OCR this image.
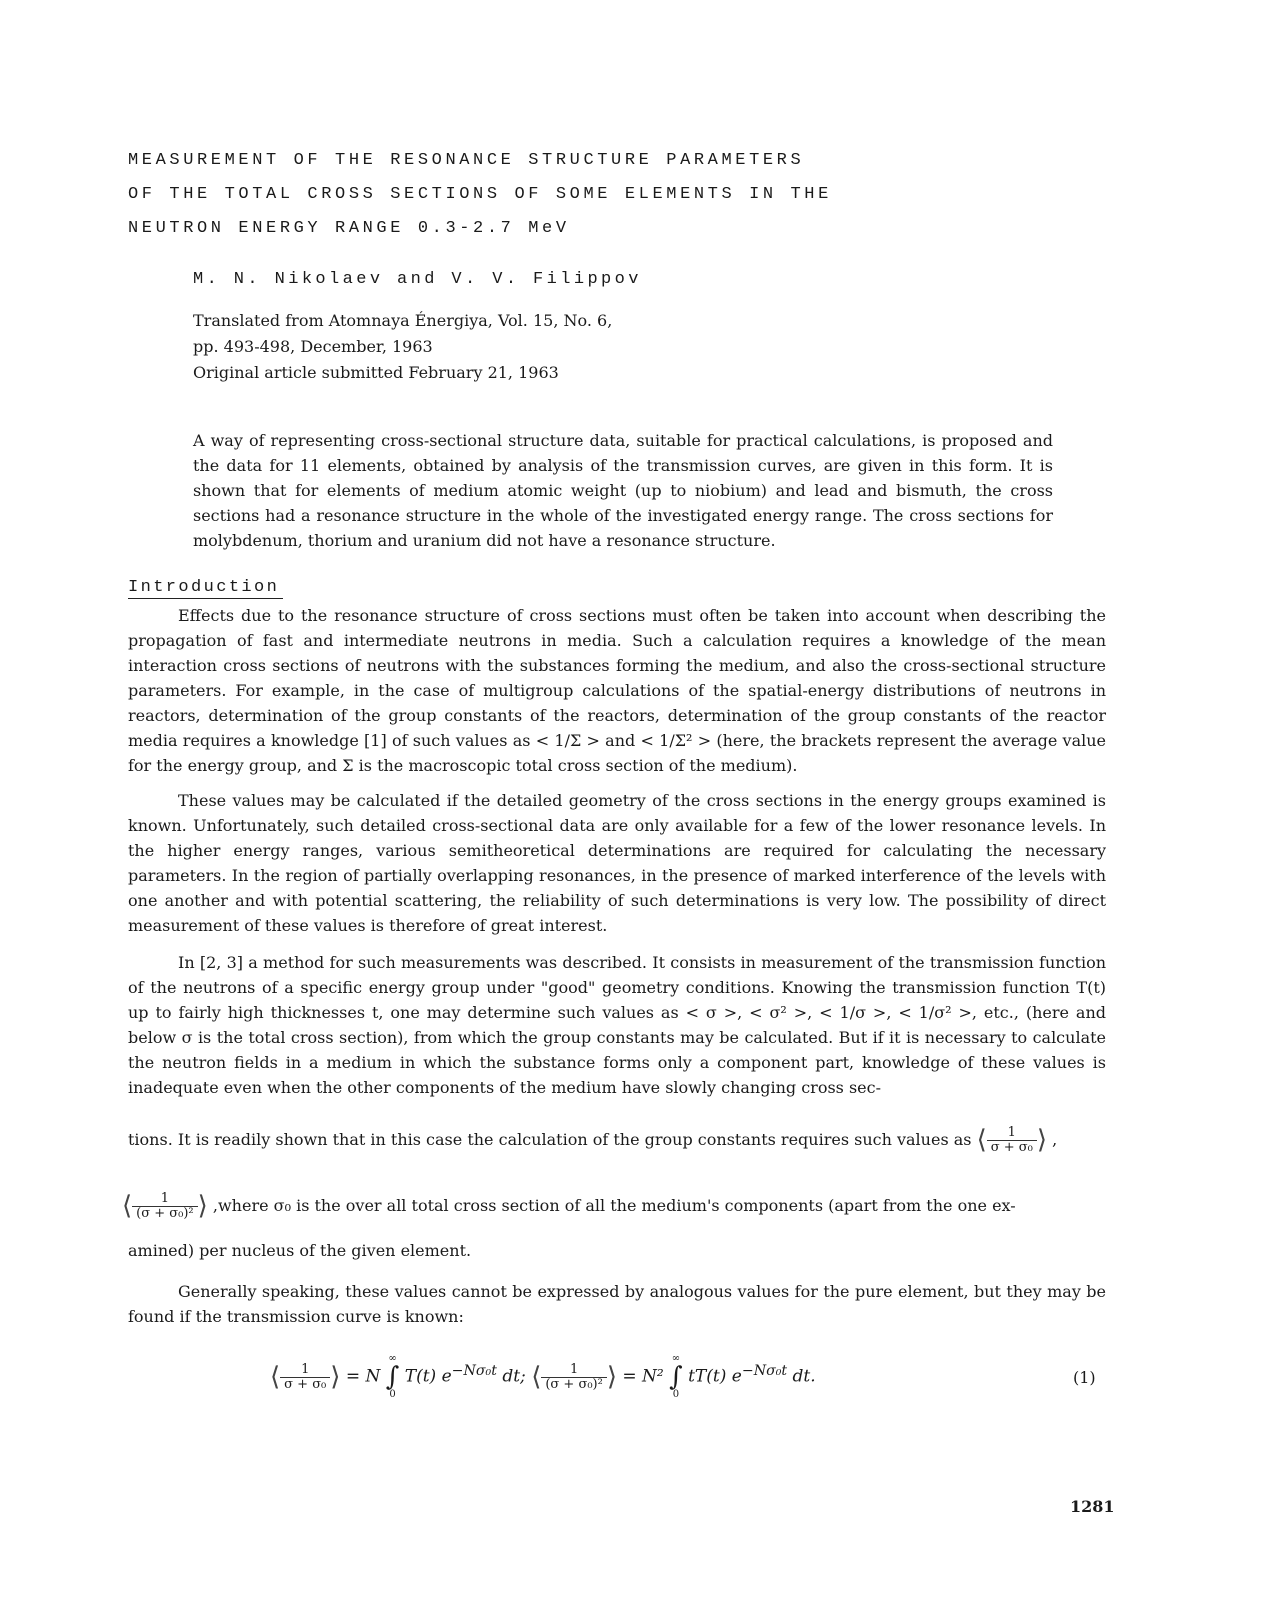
MEASUREMENT OF THE RESONANCE STRUCTURE PARAMETERS
OF THE TOTAL CROSS SECTIONS OF SOME ELEMENTS IN THE
NEUTRON ENERGY RANGE 0.3-2.7 MeV
M. N. Nikolaev and V. V. Filippov
Translated from Atomnaya Énergiya, Vol. 15, No. 6,
pp. 493-498, December, 1963
Original article submitted February 21, 1963

A way of representing cross-sectional structure data, suitable for practical calculations, is proposed and the data for 11 elements, obtained by analysis of the transmission curves, are given in this form. It is shown that for elements of medium atomic weight (up to niobium) and lead and bismuth, the cross sections had a resonance structure in the whole of the investigated energy range. The cross sections for molybdenum, thorium and uranium did not have a resonance structure.

Introduction

Effects due to the resonance structure of cross sections must often be taken into account when describing the propagation of fast and intermediate neutrons in media. Such a calculation requires a knowledge of the mean interaction cross sections of neutrons with the substances forming the medium, and also the cross-sectional structure parameters. For example, in the case of multigroup calculations of the spatial-energy distributions of neutrons in reactors, determination of the group constants of the reactors, determination of the group constants of the reactor media requires a knowledge [1] of such values as < 1/Σ > and < 1/Σ² > (here, the brackets represent the average value for the energy group, and Σ is the macroscopic total cross section of the medium).

These values may be calculated if the detailed geometry of the cross sections in the energy groups examined is known. Unfortunately, such detailed cross-sectional data are only available for a few of the lower resonance levels. In the higher energy ranges, various semitheoretical determinations are required for calculating the necessary parameters. In the region of partially overlapping resonances, in the presence of marked interference of the levels with one another and with potential scattering, the reliability of such determinations is very low. The possibility of direct measurement of these values is therefore of great interest.

In [2, 3] a method for such measurements was described. It consists in measurement of the transmission function of the neutrons of a specific energy group under "good" geometry conditions. Knowing the transmission function T(t) up to fairly high thicknesses t, one may determine such values as < σ >, < σ² >, < 1/σ >, < 1/σ² >, etc., (here and below σ is the total cross section), from which the group constants may be calculated. But if it is necessary to calculate the neutron fields in a medium in which the substance forms only a component part, knowledge of these values is inadequate even when the other components of the medium have slowly changing cross sec-

tions. It is readily shown that in this case the calculation of the group constants requires such values as ⟨ $\frac{1}{\text{σ + σ₀}}$ ⟩ ,
⟨ $\frac{1}{\text{(σ + σ₀)²}}$ ⟩ ,where σ₀ is the over all total cross section of all the medium's components (apart from the one ex-
amined) per nucleus of the given element.

Generally speaking, these values cannot be expressed by analogous values for the pure element, but they may be found if the transmission curve is known:

⟨ $\frac{1}{\text{σ + σ₀}}$ ⟩ = N
∞
∫
0
T(t) $e^{-N\sigma_0t}$ dt; ⟨ $\frac{1}{\text{(σ + σ₀)²}}$ ⟩ = N²
∞
∫
0
tT(t) $e^{-N\sigma_0t}$ dt.	(1)
1281
